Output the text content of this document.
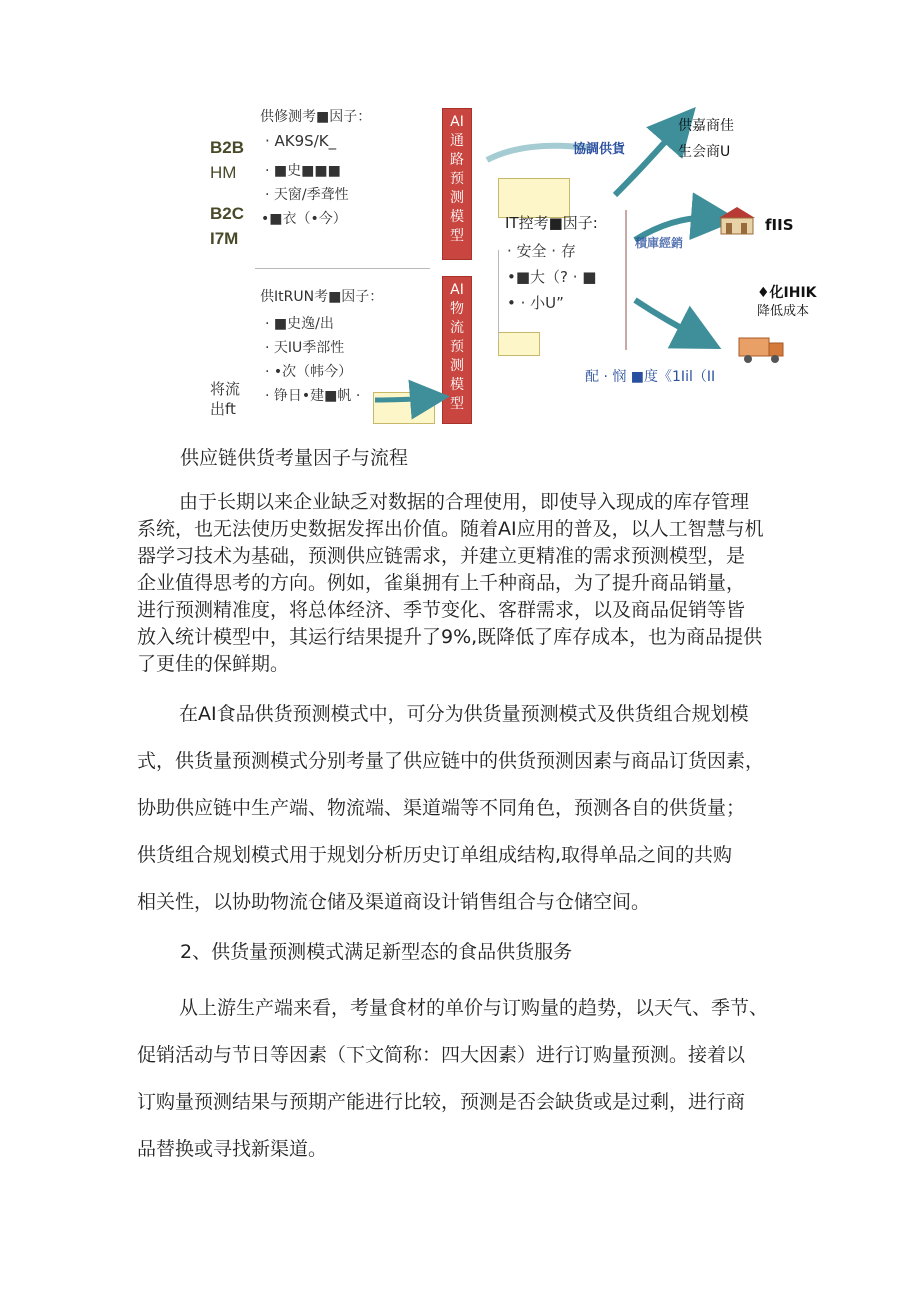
B2B
HM
B2C
I7M
将流
出ft
供修测考■因子：
· AK9S/K_
· ■史■■■
· 天窗/季聋性
•■衣（•今）
供ItRUN考■因子：
· ■史逸/出
· 天IU季部性
· •次（帏今）
· 铮日•建■帆 ·
AI
通
路
预
测
模
型
AI
物
流
预
测
模
型
IT控考■因子:
· 安全 · 存
•■大（? · ■
• · 小U”
協調供貨
積庫經銷
供嘉商佳
生会商U
fIIS
♦化IHIK
降低成本
配 · 悯 ■度《1Iil（II
供应链供货考量因子与流程
由于长期以来企业缺乏对数据的合理使用，即使导入现成的库存管理
系统，也无法使历史数据发挥出价值。随着AI应用的普及，以人工智慧与机
器学习技术为基础，预测供应链需求，并建立更精准的需求预测模型，是
企业值得思考的方向。例如，雀巢拥有上千种商品，为了提升商品销量，
进行预测精准度，将总体经济、季节变化、客群需求，以及商品促销等皆
放入统计模型中，其运行结果提升了9%,既降低了库存成本，也为商品提供
了更佳的保鲜期。
在AI食品供货预测模式中，可分为供货量预测模式及供货组合规划模
式，供货量预测模式分别考量了供应链中的供货预测因素与商品订货因素，
协助供应链中生产端、物流端、渠道端等不同角色，预测各自的供货量；
供货组合规划模式用于规划分析历史订单组成结构,取得单品之间的共购
相关性，以协助物流仓储及渠道商设计销售组合与仓储空间。
2、供货量预测模式满足新型态的食品供货服务
从上游生产端来看，考量食材的单价与订购量的趋势，以天气、季节、
促销活动与节日等因素（下文简称：四大因素）进行订购量预测。接着以
订购量预测结果与预期产能进行比较，预测是否会缺货或是过剩，进行商
品替换或寻找新渠道。
